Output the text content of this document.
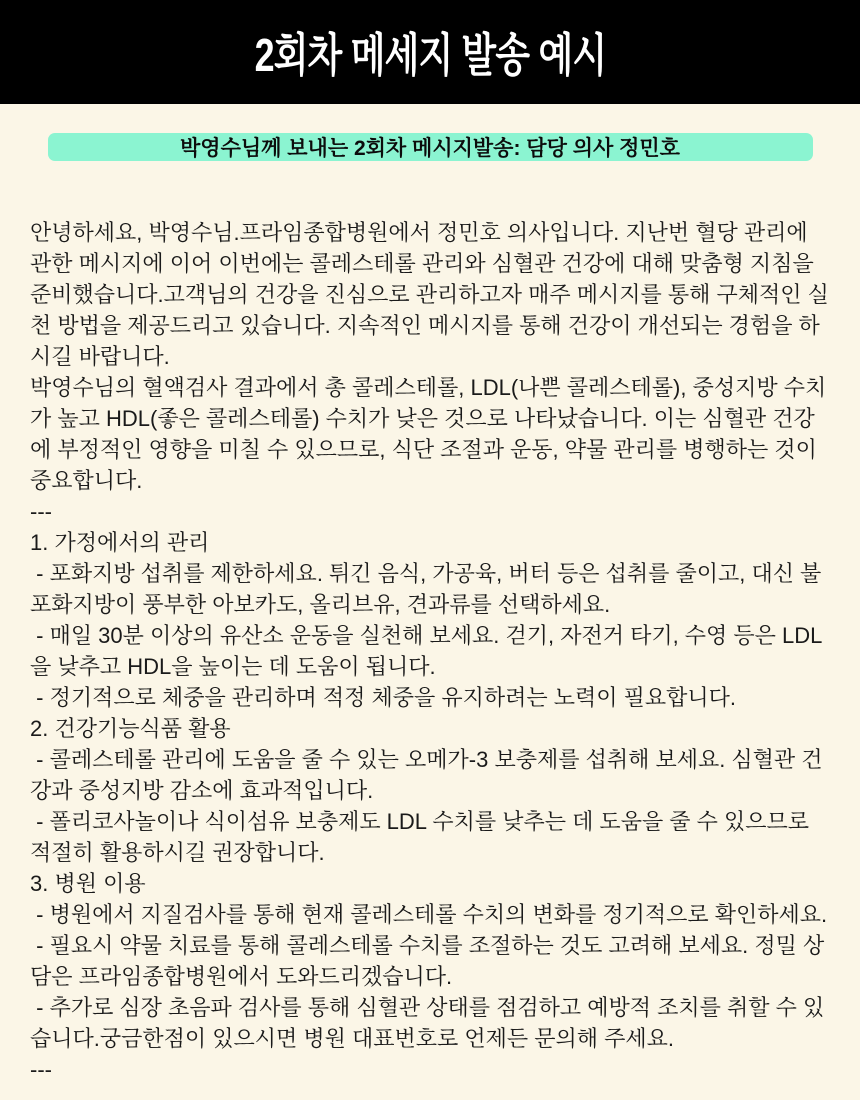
2회차 메세지 발송 예시
박영수님께 보내는 2회차 메시지발송: 담당 의사 정민호

안녕하세요, 박영수님.프라임종합병원에서 정민호 의사입니다. 지난번 혈당 관리에 관한 메시지에 이어 이번에는 콜레스테롤 관리와 심혈관 건강에 대해 맞춤형 지침을 준비했습니다.고객님의 건강을 진심으로 관리하고자 매주 메시지를 통해 구체적인 실천 방법을 제공드리고 있습니다. 지속적인 메시지를 통해 건강이 개선되는 경험을 하시길 바랍니다.

박영수님의 혈액검사 결과에서 총 콜레스테롤, LDL(나쁜 콜레스테롤), 중성지방 수치가 높고 HDL(좋은 콜레스테롤) 수치가 낮은 것으로 나타났습니다. 이는 심혈관 건강에 부정적인 영향을 미칠 수 있으므로, 식단 조절과 운동, 약물 관리를 병행하는 것이 중요합니다.

---

1. 가정에서의 관리

- 포화지방 섭취를 제한하세요. 튀긴 음식, 가공육, 버터 등은 섭취를 줄이고, 대신 불포화지방이 풍부한 아보카도, 올리브유, 견과류를 선택하세요.

- 매일 30분 이상의 유산소 운동을 실천해 보세요. 걷기, 자전거 타기, 수영 등은 LDL을 낮추고 HDL을 높이는 데 도움이 됩니다.

- 정기적으로 체중을 관리하며 적정 체중을 유지하려는 노력이 필요합니다.

2. 건강기능식품 활용

- 콜레스테롤 관리에 도움을 줄 수 있는 오메가-3 보충제를 섭취해 보세요. 심혈관 건강과 중성지방 감소에 효과적입니다.

- 폴리코사놀이나 식이섬유 보충제도 LDL 수치를 낮추는 데 도움을 줄 수 있으므로 적절히 활용하시길 권장합니다.

3. 병원 이용

- 병원에서 지질검사를 통해 현재 콜레스테롤 수치의 변화를 정기적으로 확인하세요.

- 필요시 약물 치료를 통해 콜레스테롤 수치를 조절하는 것도 고려해 보세요. 정밀 상담은 프라임종합병원에서 도와드리겠습니다.

- 추가로 심장 초음파 검사를 통해 심혈관 상태를 점검하고 예방적 조치를 취할 수 있습니다.궁금한점이 있으시면 병원 대표번호로 언제든 문의해 주세요.

---
